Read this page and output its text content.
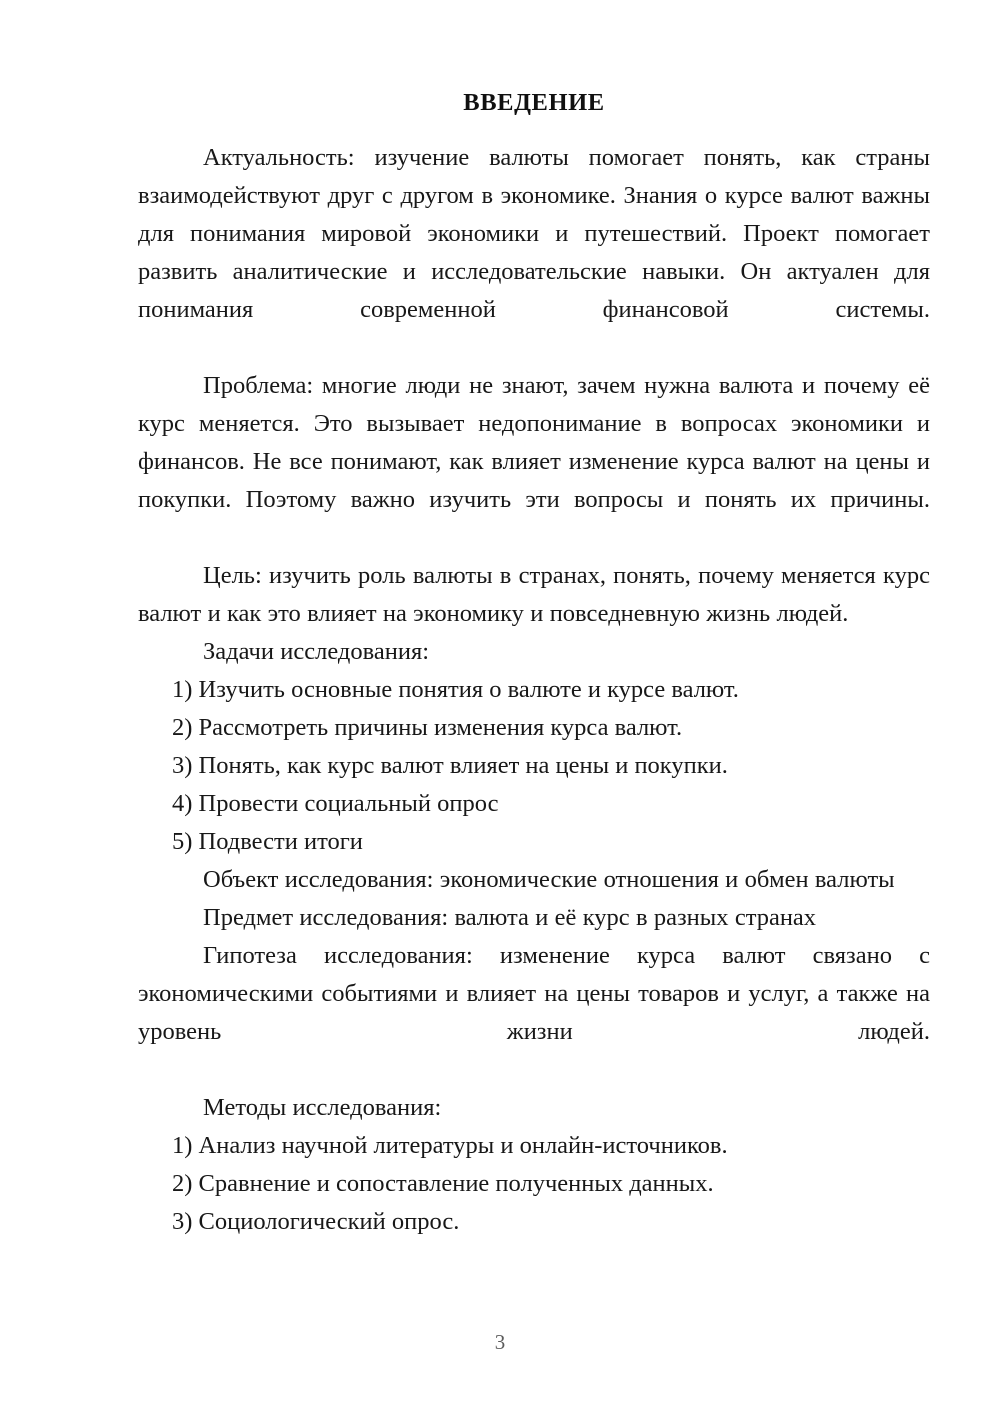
ВВЕДЕНИЕ

Актуальность: изучение валюты помогает понять, как страны взаимодействуют друг с другом в экономике. Знания о курсе валют важны для понимания мировой экономики и путешествий. Проект помогает развить аналитические и исследовательские навыки. Он актуален для понимания современной финансовой системы.

Проблема: многие люди не знают, зачем нужна валюта и почему её курс меняется. Это вызывает недопонимание в вопросах экономики и финансов. Не все понимают, как влияет изменение курса валют на цены и покупки. Поэтому важно изучить эти вопросы и понять их причины.

Цель: изучить роль валюты в странах, понять, почему меняется курс валют и как это влияет на экономику и повседневную жизнь людей.

Задачи исследования:

1) Изучить основные понятия о валюте и курсе валют.
2) Рассмотреть причины изменения курса валют.
3) Понять, как курс валют влияет на цены и покупки.
4) Провести социальный опрос
5) Подвести итоги

Объект исследования: экономические отношения и обмен валюты

Предмет исследования: валюта и её курс в разных странах

Гипотеза исследования: изменение курса валют связано с экономическими событиями и влияет на цены товаров и услуг, а также на уровень жизни людей.

Методы исследования:

1) Анализ научной литературы и онлайн-источников.
2) Сравнение и сопоставление полученных данных.
3) Социологический опрос.
3
